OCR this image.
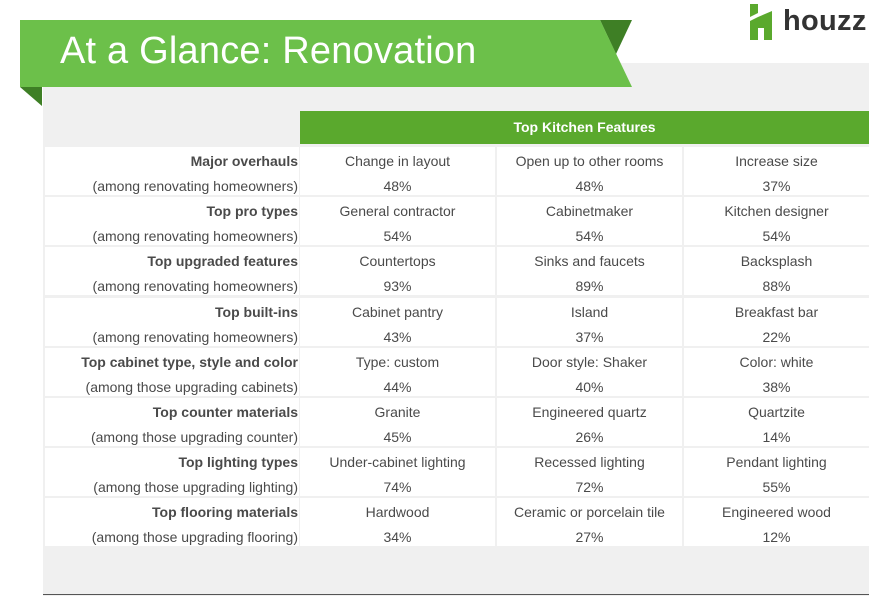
At a Glance: Renovation
houzz
Top Kitchen Features
Major overhauls
(among renovating homeowners)
Change in layout
48%
Open up to other rooms
48%
Increase size
37%
Top pro types
(among renovating homeowners)
General contractor
54%
Cabinetmaker
54%
Kitchen designer
54%
Top upgraded features
(among renovating homeowners)
Countertops
93%
Sinks and faucets
89%
Backsplash
88%
Top built-ins
(among renovating homeowners)
Cabinet pantry
43%
Island
37%
Breakfast bar
22%
Top cabinet type, style and color
(among those upgrading cabinets)
Type: custom
44%
Door style: Shaker
40%
Color: white
38%
Top counter materials
(among those upgrading counter)
Granite
45%
Engineered quartz
26%
Quartzite
14%
Top lighting types
(among those upgrading lighting)
Under-cabinet lighting
74%
Recessed lighting
72%
Pendant lighting
55%
Top flooring materials
(among those upgrading flooring)
Hardwood
34%
Ceramic or porcelain tile
27%
Engineered wood
12%
